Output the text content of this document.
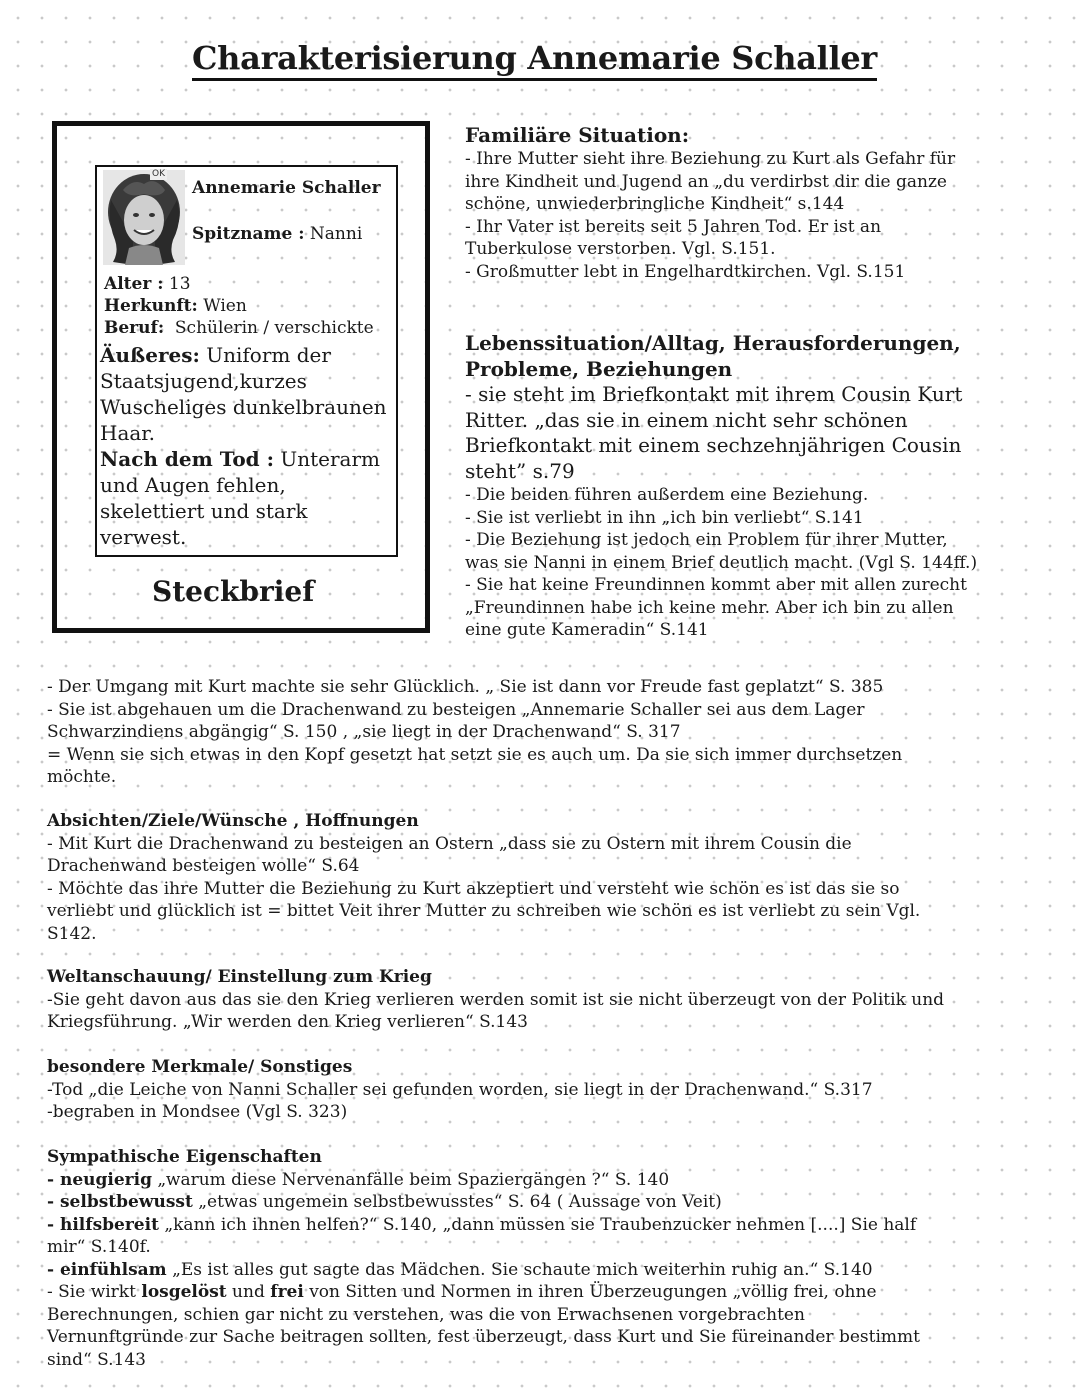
Charakterisierung Annemarie Schaller
OK
Annemarie Schaller
Spitzname : Nanni
Alter : 13
Herkunft: Wien
Beruf: Schülerin / verschickte
Äußeres: Uniform der
Staatsjugend,kurzes
Wuscheliges dunkelbraunen
Haar.
Nach dem Tod : Unterarm
und Augen fehlen,
skelettiert und stark
verwest.
Steckbrief

Familiäre Situation:

- Ihre Mutter sieht ihre Beziehung zu Kurt als Gefahr für

ihre Kindheit und Jugend an „du verdirbst dir die ganze

schöne, unwiederbringliche Kindheit“ s.144

- Ihr Vater ist bereits seit 5 Jahren Tod. Er ist an

Tuberkulose verstorben. Vgl. S.151.

- Großmutter lebt in Engelhardtkirchen. Vgl. S.151

Lebenssituation/Alltag, Herausforderungen,

Probleme, Beziehungen

- sie steht im Briefkontakt mit ihrem Cousin Kurt

Ritter. „das sie in einem nicht sehr schönen

Briefkontakt mit einem sechzehnjährigen Cousin

steht” s.79

- Die beiden führen außerdem eine Beziehung.

- Sie ist verliebt in ihn „ich bin verliebt“ S.141

- Die Beziehung ist jedoch ein Problem für ihrer Mutter,

was sie Nanni in einem Brief deutlich macht. (Vgl S. 144ff.)

- Sie hat keine Freundinnen kommt aber mit allen zurecht

„Freundinnen habe ich keine mehr. Aber ich bin zu allen

eine gute Kameradin“ S.141

- Der Umgang mit Kurt machte sie sehr Glücklich. „ Sie ist dann vor Freude fast geplatzt“ S. 385

- Sie ist abgehauen um die Drachenwand zu besteigen „Annemarie Schaller sei aus dem Lager

Schwarzindiens abgängig“ S. 150 , „sie liegt in der Drachenwand“ S. 317

= Wenn sie sich etwas in den Kopf gesetzt hat setzt sie es auch um. Da sie sich immer durchsetzen

möchte.

Absichten/Ziele/Wünsche , Hoffnungen

- Mit Kurt die Drachenwand zu besteigen an Ostern „dass sie zu Ostern mit ihrem Cousin die

Drachenwand besteigen wolle“ S.64

- Möchte das ihre Mutter die Beziehung zu Kurt akzeptiert und versteht wie schön es ist das sie so

verliebt und glücklich ist = bittet Veit ihrer Mutter zu schreiben wie schön es ist verliebt zu sein Vgl.

S142.

Weltanschauung/ Einstellung zum Krieg

-Sie geht davon aus das sie den Krieg verlieren werden somit ist sie nicht überzeugt von der Politik und

Kriegsführung. „Wir werden den Krieg verlieren“ S.143

besondere Merkmale/ Sonstiges

-Tod „die Leiche von Nanni Schaller sei gefunden worden, sie liegt in der Drachenwand.“ S.317

-begraben in Mondsee (Vgl S. 323)

Sympathische Eigenschaften

- neugierig „warum diese Nervenanfälle beim Spaziergängen ?“ S. 140

- selbstbewusst „etwas ungemein selbstbewusstes“ S. 64 ( Aussage von Veit)

- hilfsbereit „kann ich ihnen helfen?“ S.140, „dann müssen sie Traubenzucker nehmen [....] Sie half

mir“ S.140f.

- einfühlsam „Es ist alles gut sagte das Mädchen. Sie schaute mich weiterhin ruhig an.“ S.140

- Sie wirkt losgelöst und frei von Sitten und Normen in ihren Überzeugungen „völlig frei, ohne

Berechnungen, schien gar nicht zu verstehen, was die von Erwachsenen vorgebrachten

Vernunftgründe zur Sache beitragen sollten, fest überzeugt, dass Kurt und Sie füreinander bestimmt

sind“ S.143
